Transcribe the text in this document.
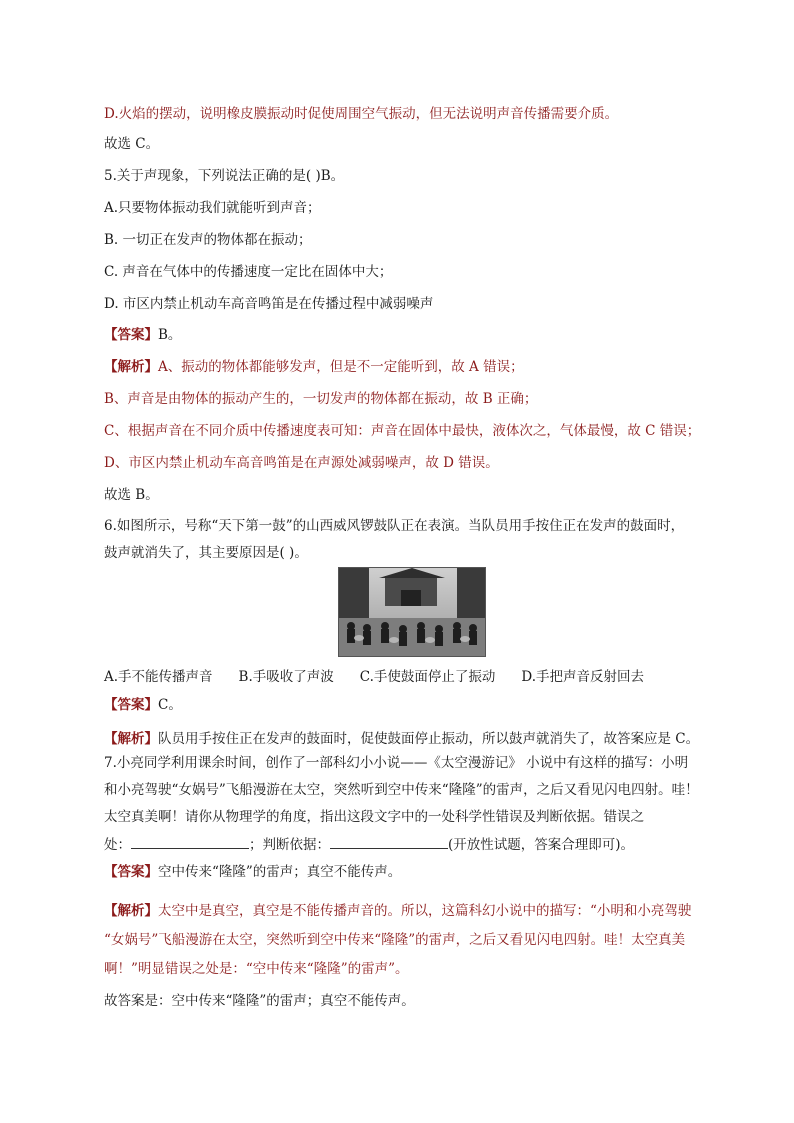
D.火焰的摆动，说明橡皮膜振动时促使周围空气振动，但无法说明声音传播需要介质。
故选 C。
5.关于声现象，下列说法正确的是( )B。
A.只要物体振动我们就能听到声音；
B. 一切正在发声的物体都在振动；
C. 声音在气体中的传播速度一定比在固体中大；
D. 市区内禁止机动车高音鸣笛是在传播过程中减弱噪声
【答案】B。
【解析】A、振动的物体都能够发声，但是不一定能听到，故 A 错误；
B、声音是由物体的振动产生的，一切发声的物体都在振动，故 B 正确；
C、根据声音在不同介质中传播速度表可知：声音在固体中最快，液体次之，气体最慢，故 C 错误；
D、市区内禁止机动车高音鸣笛是在声源处减弱噪声，故 D 错误。
故选 B。
6.如图所示，号称“天下第一鼓”的山西威风锣鼓队正在表演。当队员用手按住正在发声的鼓面时，
鼓声就消失了，其主要原因是( )。
A.手不能传播声音 B.手吸收了声波 C.手使鼓面停止了振动 D.手把声音反射回去
【答案】C。
【解析】队员用手按住正在发声的鼓面时，促使鼓面停止振动，所以鼓声就消失了，故答案应是 C。
7.小亮同学利用课余时间，创作了一部科幻小小说——《太空漫游记》 小说中有这样的描写：小明
和小亮驾驶“女娲号”飞船漫游在太空，突然听到空中传来“隆隆”的雷声，之后又看见闪电四射。哇！
太空真美啊！请你从物理学的角度，指出这段文字中的一处科学性错误及判断依据。错误之
处：	；判断依据：	(开放性试题，答案合理即可)。
【答案】空中传来“隆隆”的雷声；真空不能传声。
【解析】太空中是真空，真空是不能传播声音的。所以，这篇科幻小说中的描写：“小明和小亮驾驶
“女娲号”飞船漫游在太空，突然听到空中传来“隆隆”的雷声，之后又看见闪电四射。哇！太空真美
啊！”明显错误之处是：“空中传来“隆隆”的雷声”。
故答案是：空中传来“隆隆”的雷声；真空不能传声。
